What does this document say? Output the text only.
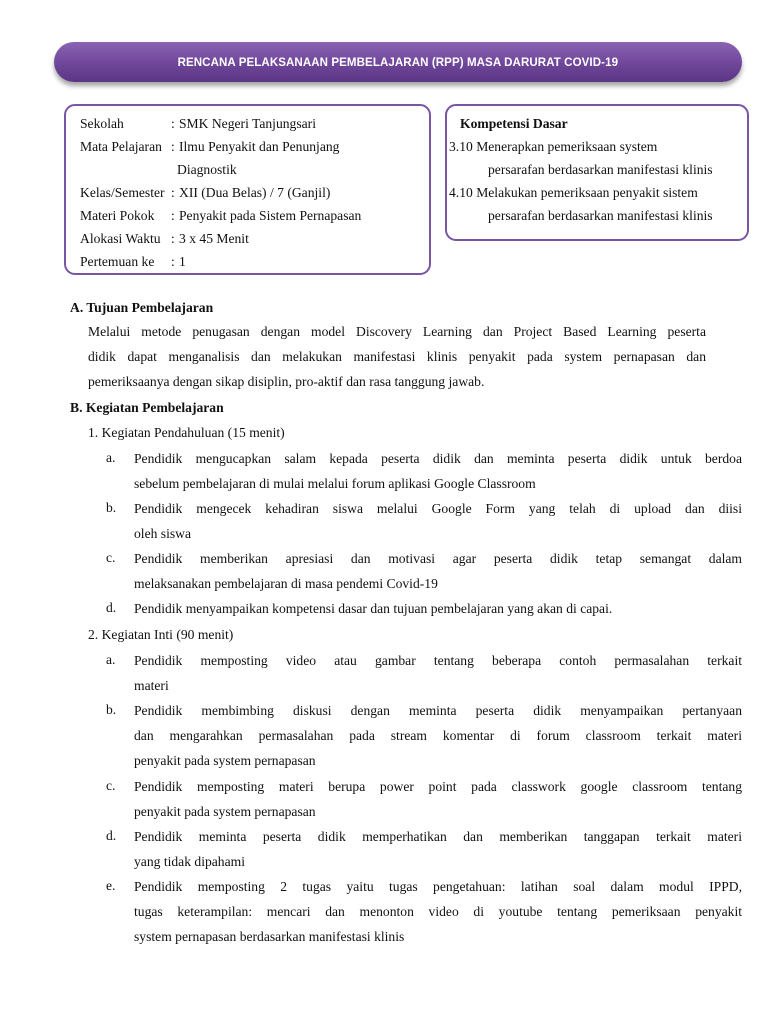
RENCANA PELAKSANAAN PEMBELAJARAN (RPP) MASA DARURAT COVID-19
Sekolah	: SMK Negeri Tanjungsari
Mata Pelajaran : Ilmu Penyakit dan Penunjang
Diagnostik
Kelas/Semester : XII (Dua Belas) / 7 (Ganjil)
Materi Pokok : Penyakit pada Sistem Pernapasan
Alokasi Waktu : 3 x 45 Menit
Pertemuan ke : 1
Kompetensi Dasar
3.10 Menerapkan pemeriksaan system
persarafan berdasarkan manifestasi klinis
4.10 Melakukan pemeriksaan penyakit sistem
persarafan berdasarkan manifestasi klinis
A. Tujuan Pembelajaran
Melalui metode penugasan dengan model Discovery Learning dan Project Based Learning peserta
didik dapat menganalisis dan melakukan manifestasi klinis penyakit pada system pernapasan dan
pemeriksaanya dengan sikap disiplin, pro-aktif dan rasa tanggung jawab.
B. Kegiatan Pembelajaran
1. Kegiatan Pendahuluan (15 menit)
a.	Pendidik mengucapkan salam kepada peserta didik dan meminta peserta didik untuk berdoa
sebelum pembelajaran di mulai melalui forum aplikasi Google Classroom
b.	Pendidik mengecek kehadiran siswa melalui Google Form yang telah di upload dan diisi
oleh siswa
c.	Pendidik memberikan apresiasi dan motivasi agar peserta didik tetap semangat dalam
melaksanakan pembelajaran di masa pendemi Covid-19
d.	Pendidik menyampaikan kompetensi dasar dan tujuan pembelajaran yang akan di capai.
2. Kegiatan Inti (90 menit)
a.	Pendidik memposting video atau gambar tentang beberapa contoh permasalahan terkait
materi
b.	Pendidik membimbing diskusi dengan meminta peserta didik menyampaikan pertanyaan
dan mengarahkan permasalahan pada stream komentar di forum classroom terkait materi
penyakit pada system pernapasan
c.	Pendidik memposting materi berupa power point pada classwork google classroom tentang
penyakit pada system pernapasan
d.	Pendidik meminta peserta didik memperhatikan dan memberikan tanggapan terkait materi
yang tidak dipahami
e.	Pendidik memposting 2 tugas yaitu tugas pengetahuan: latihan soal dalam modul IPPD,
tugas keterampilan: mencari dan menonton video di youtube tentang pemeriksaan penyakit
system pernapasan berdasarkan manifestasi klinis
